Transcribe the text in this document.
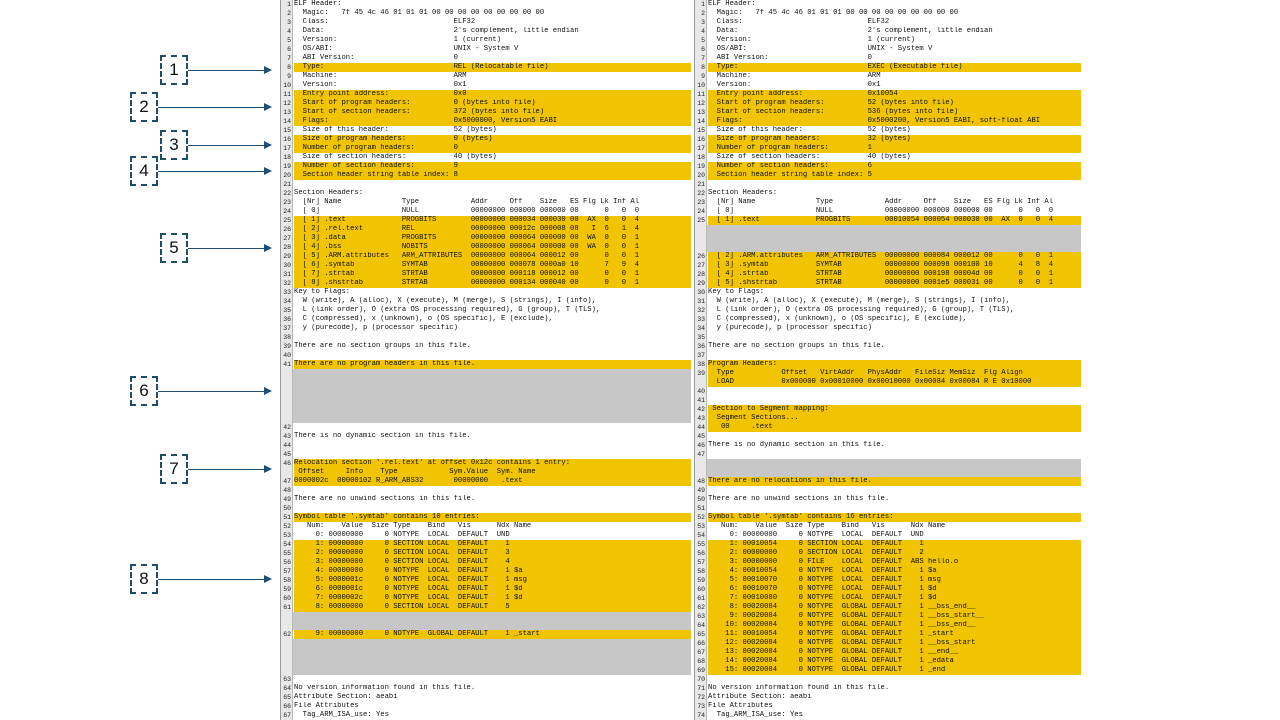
1
2
3
4
5
6
7
8
1 ELF Header:
2 Magic:   7f 45 4c 46 01 01 01 00 00 00 00 00 00 00 00 00
3 Class:                             ELF32
4 Data:                              2's complement, little endian
5 Version:                           1 (current)
6 OS/ABI:                            UNIX - System V
7 ABI Version:                       0
8 Type:                              REL (Relocatable file)
9 Machine:                           ARM
10 Version:                           0x1
11 Entry point address:               0x0
12 Start of program headers:          0 (bytes into file)
13 Start of section headers:          372 (bytes into file)
14 Flags:                             0x5000000, Version5 EABI
15 Size of this header:               52 (bytes)
16 Size of program headers:           0 (bytes)
17 Number of program headers:         0
18 Size of section headers:           40 (bytes)
19 Number of section headers:         9
20 Section header string table index: 8
21
22 Section Headers:
23 [Nr] Name              Type            Addr     Off    Size   ES Flg Lk Inf Al
24 [ 0]                   NULL            00000000 000000 000000 00      0   0  0
25 [ 1] .text             PROGBITS        00000000 000034 000030 00  AX  0   0  4
26 [ 2] .rel.text         REL             00000000 00012c 000008 08   I  6   1  4
27 [ 3] .data             PROGBITS        00000000 000064 000000 00  WA  0   0  1
28 [ 4] .bss              NOBITS          00000000 000064 000000 00  WA  0   0  1
29 [ 5] .ARM.attributes   ARM_ATTRIBUTES  00000000 000064 000012 00      0   0  1
30 [ 6] .symtab           SYMTAB          00000000 000078 0000a0 10      7   9  4
31 [ 7] .strtab           STRTAB          00000000 000118 000012 00      0   0  1
32 [ 8] .shstrtab         STRTAB          00000000 000134 000040 00      0   0  1
33 Key to Flags:
34 W (write), A (alloc), X (execute), M (merge), S (strings), I (info),
35 L (link order), O (extra OS processing required), G (group), T (TLS),
36 C (compressed), x (unknown), o (OS specific), E (exclude),
37 y (purecode), p (processor specific)
38
39 There are no section groups in this file.
40
41 There are no program headers in this file.
42
43 There is no dynamic section in this file.
44
45
46 Relocation section '.rel.text' at offset 0x12c contains 1 entry:
Offset     Info    Type            Sym.Value  Sym. Name
47 0000002c  00000102 R_ARM_ABS32       00000000   .text
48
49 There are no unwind sections in this file.
50
51 Symbol table '.symtab' contains 10 entries:
52 Num:    Value  Size Type    Bind   Vis      Ndx Name
53 0: 00000000     0 NOTYPE  LOCAL  DEFAULT  UND
54 1: 00000000     0 SECTION LOCAL  DEFAULT    1
55 2: 00000000     0 SECTION LOCAL  DEFAULT    3
56 3: 00000000     0 SECTION LOCAL  DEFAULT    4
57 4: 00000000     0 NOTYPE  LOCAL  DEFAULT    1 $a
58 5: 0000001c     0 NOTYPE  LOCAL  DEFAULT    1 msg
59 6: 0000001c     0 NOTYPE  LOCAL  DEFAULT    1 $d
60 7: 0000002c     0 NOTYPE  LOCAL  DEFAULT    1 $d
61 8: 00000000     0 SECTION LOCAL  DEFAULT    5
62 9: 00000000     0 NOTYPE  GLOBAL DEFAULT    1 _start
63
64 No version information found in this file.
65 Attribute Section: aeabi
66 File Attributes
67 Tag_ARM_ISA_use: Yes
1 ELF Header:
2 Magic:   7f 45 4c 46 01 01 01 00 00 00 00 00 00 00 00 00
3 Class:                             ELF32
4 Data:                              2's complement, little endian
5 Version:                           1 (current)
6 OS/ABI:                            UNIX - System V
7 ABI Version:                       0
8 Type:                              EXEC (Executable file)
9 Machine:                           ARM
10 Version:                           0x1
11 Entry point address:               0x10054
12 Start of program headers:          52 (bytes into file)
13 Start of section headers:          536 (bytes into file)
14 Flags:                             0x5000200, Version5 EABI, soft-float ABI
15 Size of this header:               52 (bytes)
16 Size of program headers:           32 (bytes)
17 Number of program headers:         1
18 Size of section headers:           40 (bytes)
19 Number of section headers:         6
20 Section header string table index: 5
21
22 Section Headers:
23 [Nr] Name              Type            Addr     Off    Size   ES Flg Lk Inf Al
24 [ 0]                   NULL            00000000 000000 000000 00      0   0  0
25 [ 1] .text             PROGBITS        00010054 000054 000030 00  AX  0   0  4
26 [ 2] .ARM.attributes   ARM_ATTRIBUTES  00000000 000084 000012 00      0   0  1
27 [ 3] .symtab           SYMTAB          00000000 000098 000100 10      4   8  4
28 [ 4] .strtab           STRTAB          00000000 000198 00004d 00      0   0  1
29 [ 5] .shstrtab         STRTAB          00000000 0001e5 000031 00      0   0  1
30 Key to Flags:
31 W (write), A (alloc), X (execute), M (merge), S (strings), I (info),
32 L (link order), O (extra OS processing required), G (group), T (TLS),
33 C (compressed), x (unknown), o (OS specific), E (exclude),
34 y (purecode), p (processor specific)
35
36 There are no section groups in this file.
37
38 Program Headers:
39 Type           Offset   VirtAddr   PhysAddr   FileSiz MemSiz  Flg Align
LOAD           0x000000 0x00010000 0x00010000 0x00084 0x00084 R E 0x10000
40
41
42 Section to Segment mapping:
43 Segment Sections...
44 00     .text
45
46 There is no dynamic section in this file.
47
48 There are no relocations in this file.
49
50 There are no unwind sections in this file.
51
52 Symbol table '.symtab' contains 16 entries:
53 Num:    Value  Size Type    Bind   Vis      Ndx Name
54 0: 00000000     0 NOTYPE  LOCAL  DEFAULT  UND
55 1: 00010054     0 SECTION LOCAL  DEFAULT    1
56 2: 00000000     0 SECTION LOCAL  DEFAULT    2
57 3: 00000000     0 FILE    LOCAL  DEFAULT  ABS hello.o
58 4: 00010054     0 NOTYPE  LOCAL  DEFAULT    1 $a
59 5: 00010070     0 NOTYPE  LOCAL  DEFAULT    1 msg
60 6: 00010070     0 NOTYPE  LOCAL  DEFAULT    1 $d
61 7: 00010080     0 NOTYPE  LOCAL  DEFAULT    1 $d
62 8: 00020084     0 NOTYPE  GLOBAL DEFAULT    1 __bss_end__
63 9: 00020084     0 NOTYPE  GLOBAL DEFAULT    1 __bss_start__
64 10: 00020084     0 NOTYPE  GLOBAL DEFAULT    1 __bss_end__
65 11: 00010054     0 NOTYPE  GLOBAL DEFAULT    1 _start
66 12: 00020084     0 NOTYPE  GLOBAL DEFAULT    1 __bss_start
67 13: 00020084     0 NOTYPE  GLOBAL DEFAULT    1 __end__
68 14: 00020084     0 NOTYPE  GLOBAL DEFAULT    1 _edata
69 15: 00020084     0 NOTYPE  GLOBAL DEFAULT    1 _end
70
71 No version information found in this file.
72 Attribute Section: aeabi
73 File Attributes
74 Tag_ARM_ISA_use: Yes
